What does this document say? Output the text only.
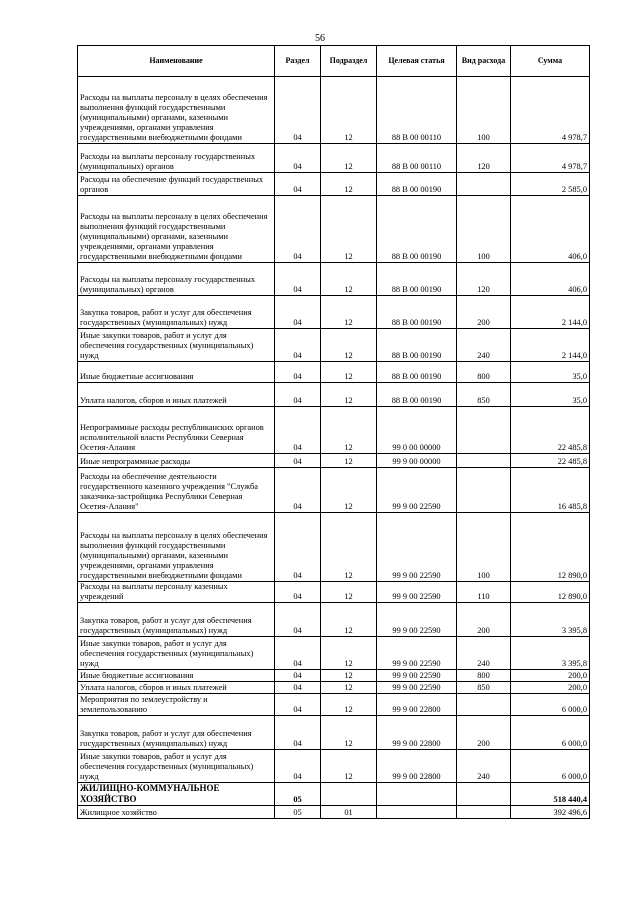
56
Наименование	Раздел	Подраздел	Целевая статья	Вид расхода	Сумма
Расходы на выплаты персоналу в целях обеспечения выполнения функций государственными (муниципальными) органами, казенными учреждениями, органами управления государственными внебюджетными фондами	04	12	88 В 00 00110	100	4 978,7
Расходы на выплаты персоналу государственных (муниципальных) органов	04	12	88 В 00 00110	120	4 978,7
Расходы на обеспечение функций государственных органов	04	12	88 В 00 00190		2 585,0
Расходы на выплаты персоналу в целях обеспечения выполнения функций государственными (муниципальными) органами, казенными учреждениями, органами управления государственными внебюджетными фондами	04	12	88 В 00 00190	100	406,0
Расходы на выплаты персоналу государственных (муниципальных) органов	04	12	88 В 00 00190	120	406,0
Закупка товаров, работ и услуг для обеспечения государственных (муниципальных) нужд	04	12	88 В 00 00190	200	2 144,0
Иные закупки товаров, работ и услуг для обеспечения государственных (муниципальных) нужд	04	12	88 В 00 00190	240	2 144,0
Иные бюджетные ассигнования	04	12	88 В 00 00190	800	35,0
Уплата налогов, сборов и иных платежей	04	12	88 В 00 00190	850	35,0
Непрограммные расходы республиканских органов исполнительной власти Республики Северная Осетия-Алания	04	12	99 0 00 00000		22 485,8
Иные непрограммные расходы	04	12	99 9 00 00000		22 485,8
Расходы на обеспечение деятельности государственного казенного учреждения "Служба заказчика-застройщика Республики Северная Осетия-Алания"	04	12	99 9 00 22590		16 485,8
Расходы на выплаты персоналу в целях обеспечения выполнения функций государственными (муниципальными) органами, казенными учреждениями, органами управления государственными внебюджетными фондами	04	12	99 9 00 22590	100	12 890,0
Расходы на выплаты персоналу казенных учреждений	04	12	99 9 00 22590	110	12 890,0
Закупка товаров, работ и услуг для обеспечения государственных (муниципальных) нужд	04	12	99 9 00 22590	200	3 395,8
Иные закупки товаров, работ и услуг для обеспечения государственных (муниципальных) нужд	04	12	99 9 00 22590	240	3 395,8
Иные бюджетные ассигнования	04	12	99 9 00 22590	800	200,0
Уплата налогов, сборов и иных платежей	04	12	99 9 00 22590	850	200,0
Мероприятия по землеустройству и землепользованию	04	12	99 9 00 22800		6 000,0
Закупка товаров, работ и услуг для обеспечения государственных (муниципальных) нужд	04	12	99 9 00 22800	200	6 000,0
Иные закупки товаров, работ и услуг для обеспечения государственных (муниципальных) нужд	04	12	99 9 00 22800	240	6 000,0
ЖИЛИЩНО-КОММУНАЛЬНОЕ ХОЗЯЙСТВО	05				518 440,4
Жилищное хозяйство	05	01			392 496,6
